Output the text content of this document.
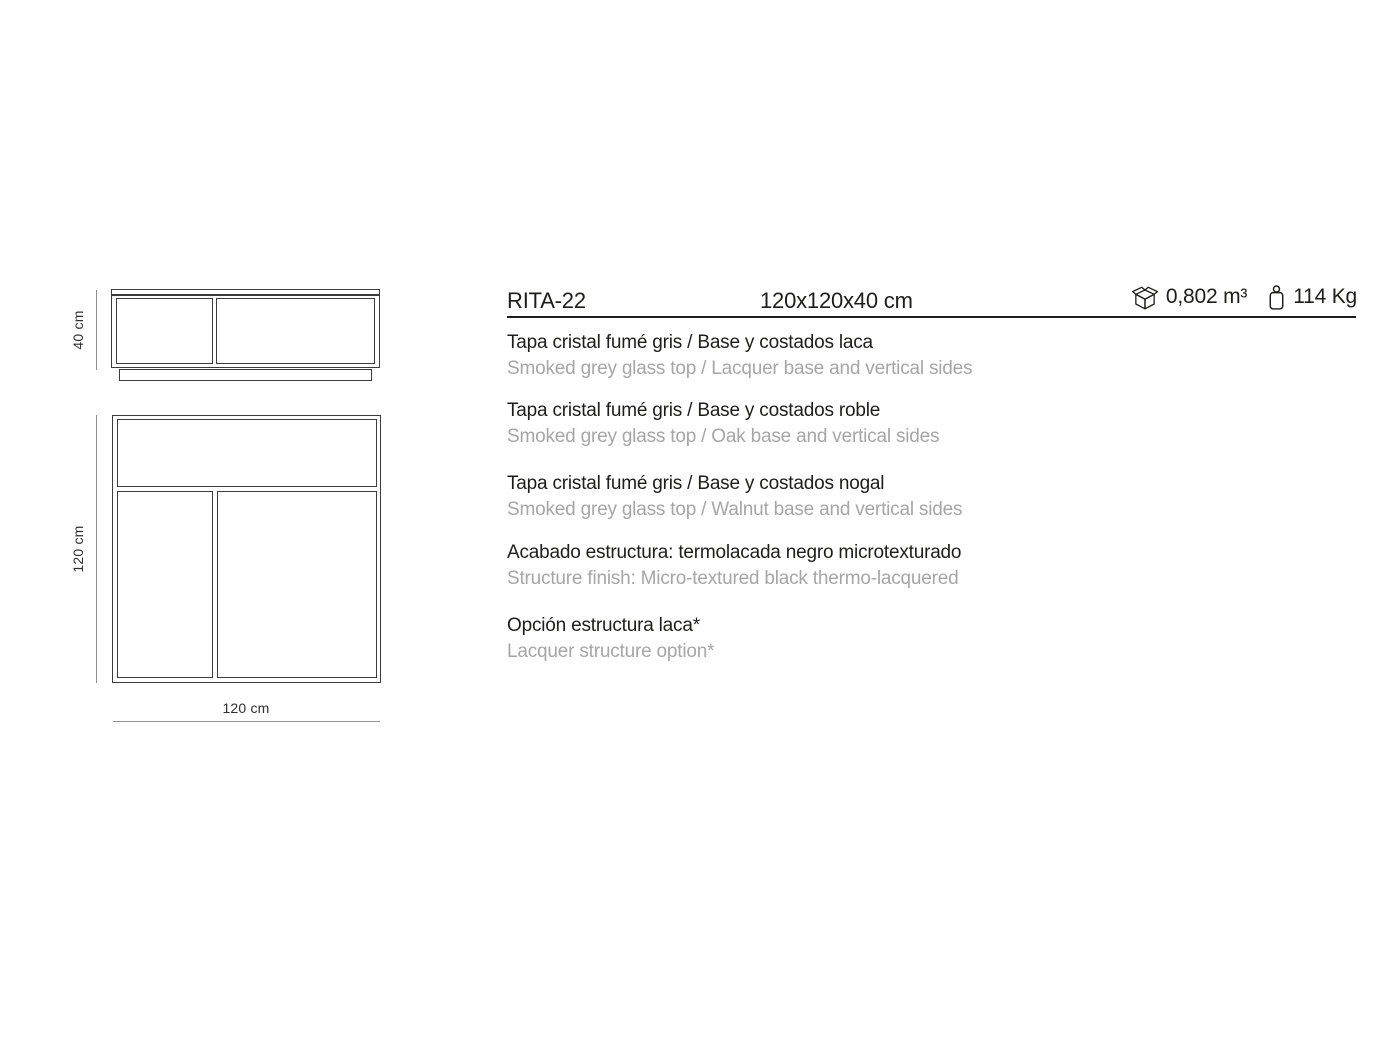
40 cm
120 cm
120 cm
RITA-22	120x120x40 cm	0,802 m³ 114 Kg
Tapa cristal fumé gris / Base y costados laca
Smoked grey glass top / Lacquer base and vertical sides
Tapa cristal fumé gris / Base y costados roble
Smoked grey glass top / Oak base and vertical sides
Tapa cristal fumé gris / Base y costados nogal
Smoked grey glass top / Walnut base and vertical sides
Acabado estructura: termolacada negro microtexturado
Structure finish: Micro-textured black thermo-lacquered
Opción estructura laca*
Lacquer structure option*
